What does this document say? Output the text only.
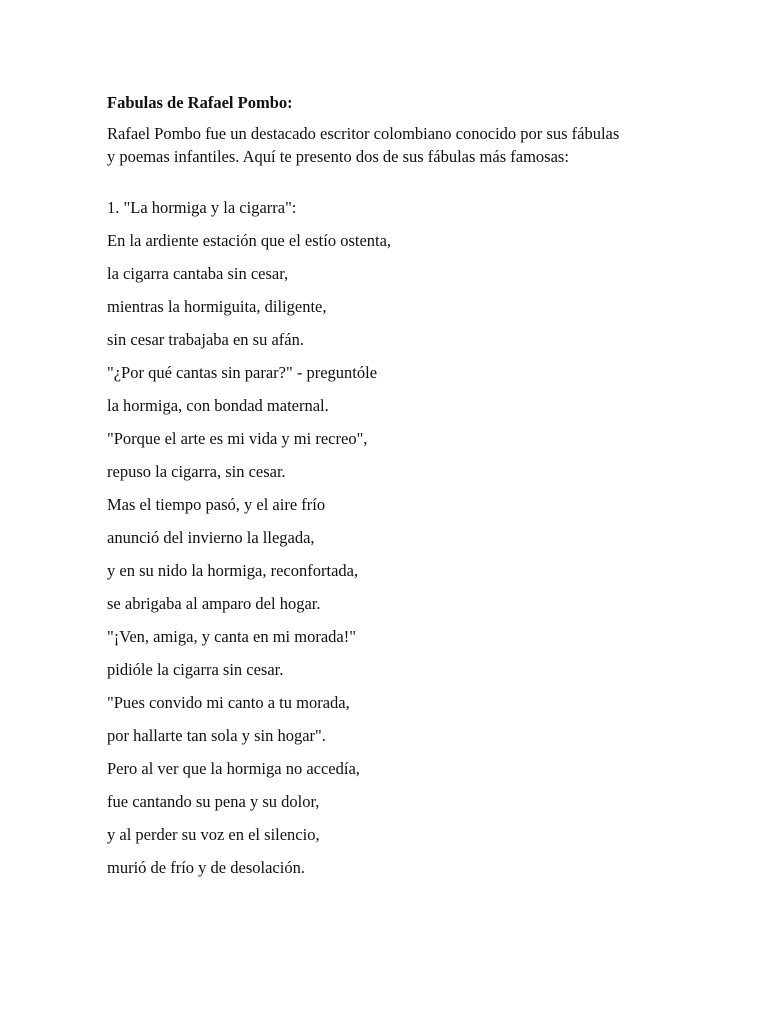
Fabulas de Rafael Pombo:
Rafael Pombo fue un destacado escritor colombiano conocido por sus fábulas
y poemas infantiles. Aquí te presento dos de sus fábulas más famosas:
1. "La hormiga y la cigarra":
En la ardiente estación que el estío ostenta,
la cigarra cantaba sin cesar,
mientras la hormiguita, diligente,
sin cesar trabajaba en su afán.
"¿Por qué cantas sin parar?" - preguntóle
la hormiga, con bondad maternal.
"Porque el arte es mi vida y mi recreo",
repuso la cigarra, sin cesar.
Mas el tiempo pasó, y el aire frío
anunció del invierno la llegada,
y en su nido la hormiga, reconfortada,
se abrigaba al amparo del hogar.
"¡Ven, amiga, y canta en mi morada!"
pidióle la cigarra sin cesar.
"Pues convido mi canto a tu morada,
por hallarte tan sola y sin hogar".
Pero al ver que la hormiga no accedía,
fue cantando su pena y su dolor,
y al perder su voz en el silencio,
murió de frío y de desolación.
